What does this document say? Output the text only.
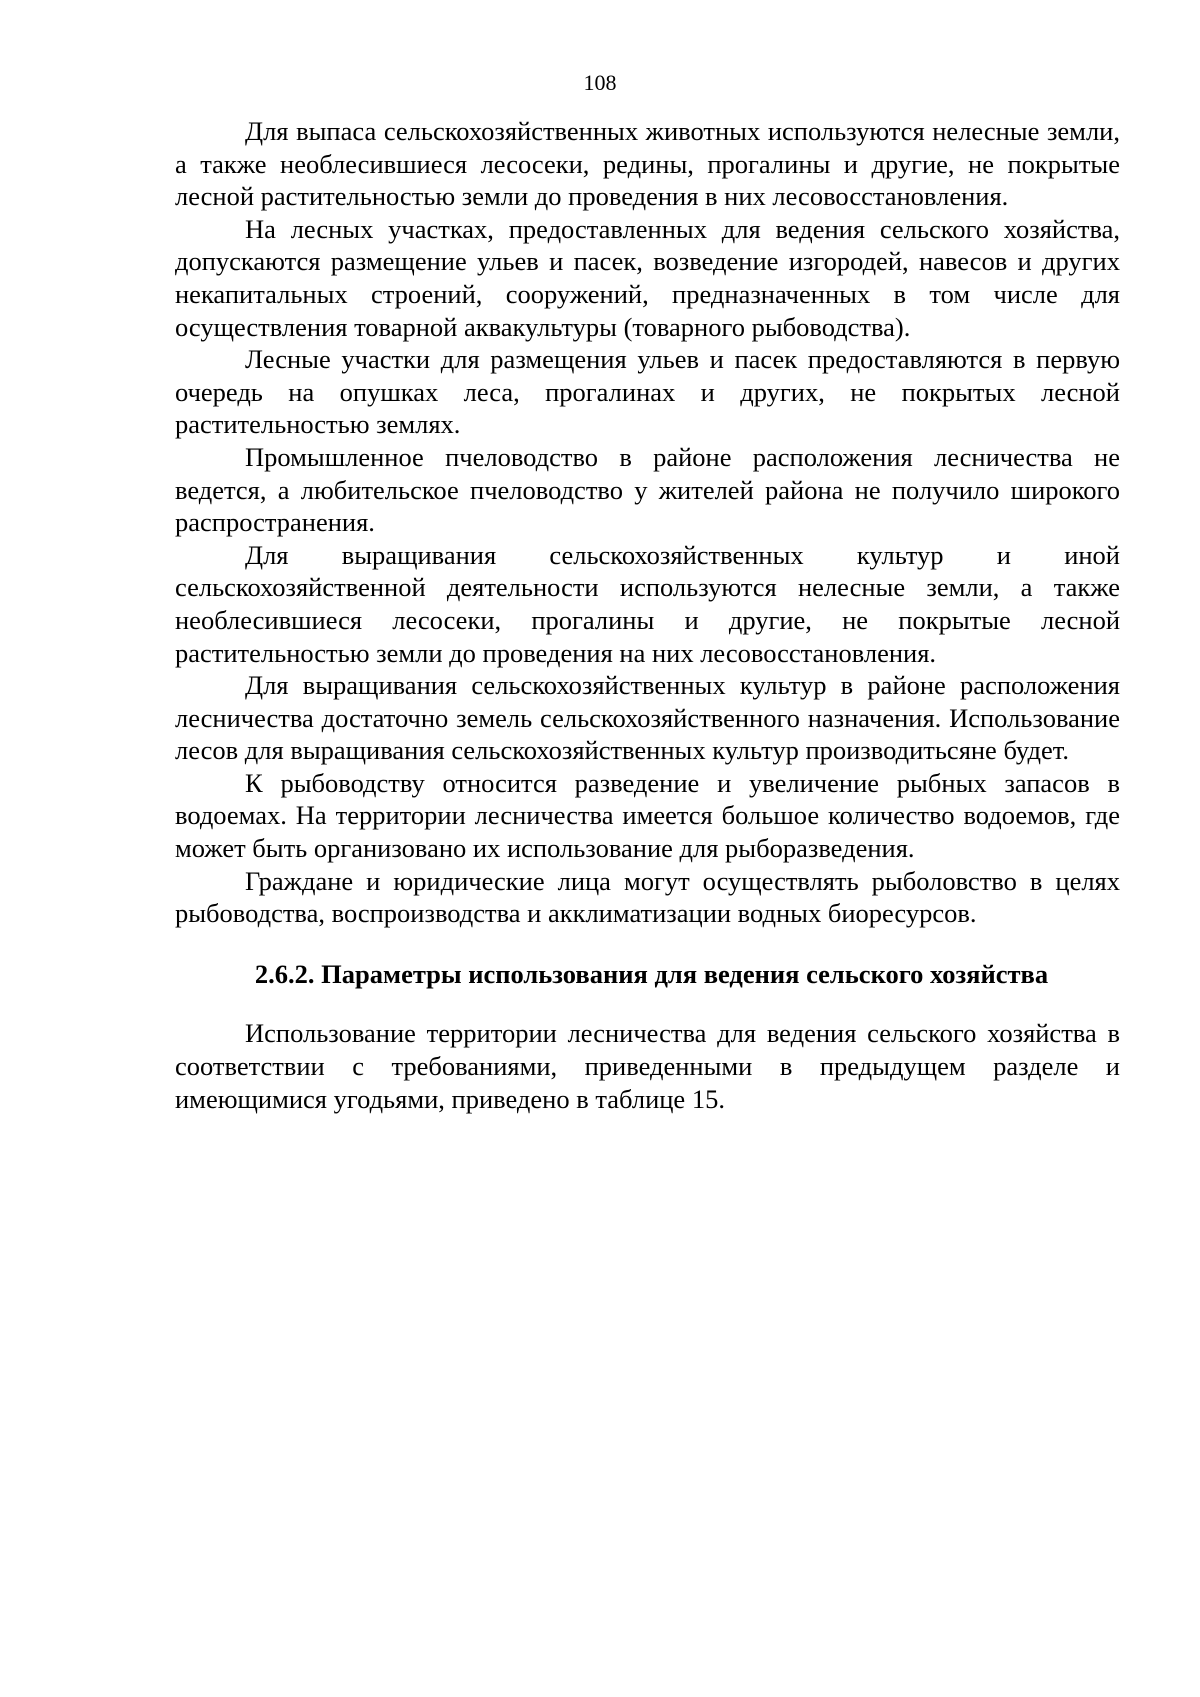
108

Для выпаса сельскохозяйственных животных используются нелесные земли, а также необлесившиеся лесосеки, редины, прогалины и другие, не покрытые лесной растительностью земли до проведения в них лесовосстановления.

На лесных участках, предоставленных для ведения сельского хозяйства, допускаются размещение ульев и пасек, возведение изгородей, навесов и других некапитальных строений, сооружений, предназначенных в том числе для осуществления товарной аквакультуры (товарного рыбоводства).

Лесные участки для размещения ульев и пасек предоставляются в первую очередь на опушках леса, прогалинах и других, не покрытых лесной растительностью землях.

Промышленное пчеловодство в районе расположения лесничества не ведется, а любительское пчеловодство у жителей района не получило широкого распространения.

Для выращивания сельскохозяйственных культур и иной сельскохозяйственной деятельности используются нелесные земли, а также необлесившиеся лесосеки, прогалины и другие, не покрытые лесной растительностью земли до проведения на них лесовосстановления.

Для выращивания сельскохозяйственных культур в районе расположения лесничества достаточно земель сельскохозяйственного назначения. Использование лесов для выращивания сельскохозяйственных культур производитьсяне будет.

К рыбоводству относится разведение и увеличение рыбных запасов в водоемах. На территории лесничества имеется большое количество водоемов, где может быть организовано их использование для рыборазведения.

Граждане и юридические лица могут осуществлять рыболовство в целях рыбоводства, воспроизводства и акклиматизации водных биоресурсов.

2.6.2. Параметры использования для ведения сельского хозяйства

Использование территории лесничества для ведения сельского хозяйства в соответствии с требованиями, приведенными в предыдущем разделе и имеющимися угодьями, приведено в таблице 15.
